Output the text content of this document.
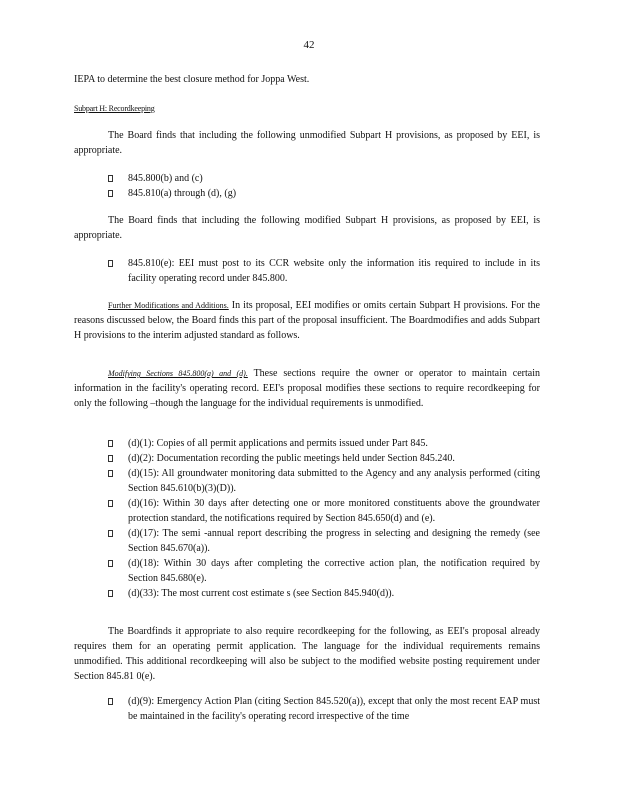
42
IEPA to determine the best closure method for Joppa West.
Subpart H: Recordkeeping
The Board finds that including the following unmodified Subpart H provisions, as proposed by EEI, is appropriate.
845.800(b) and (c)
845.810(a) through (d), (g)
The Board finds that including the following modified Subpart H provisions, as proposed by EEI, is appropriate.
845.810(e): EEI must post to its CCR website only the information itis required to include in its facility operating record under 845.800.
Further Modifications and Additions. In its proposal, EEI modifies or omits certain Subpart H provisions. For the reasons discussed below, the Board finds this part of the proposal insufficient. The Boardmodifies and adds Subpart H provisions to the interim adjusted standard as follows.
Modifying Sections 845.800(a) and (d). These sections require the owner or operator to maintain certain information in the facility's operating record. EEI's proposal modifies these sections to require recordkeeping for only the following –though the language for the individual requirements is unmodified.
(d)(1): Copies of all permit applications and permits issued under Part 845.
(d)(2): Documentation recording the public meetings held under Section 845.240.
(d)(15): All groundwater monitoring data submitted to the Agency and any analysis performed (citing Section 845.610(b)(3)(D)).
(d)(16): Within 30 days after detecting one or more monitored constituents above the groundwater protection standard, the notifications required by Section 845.650(d) and (e).
(d)(17): The semi -annual report describing the progress in selecting and designing the remedy (see Section 845.670(a)).
(d)(18): Within 30 days after completing the corrective action plan, the notification required by Section 845.680(e).
(d)(33): The most current cost estimate s (see Section 845.940(d)).
The Boardfinds it appropriate to also require recordkeeping for the following, as EEI's proposal already requires them for an operating permit application. The language for the individual requirements remains unmodified. This additional recordkeeping will also be subject to the modified website posting requirement under Section 845.81 0(e).
(d)(9): Emergency Action Plan (citing Section 845.520(a)), except that only the most recent EAP must be maintained in the facility's operating record irrespective of the time
